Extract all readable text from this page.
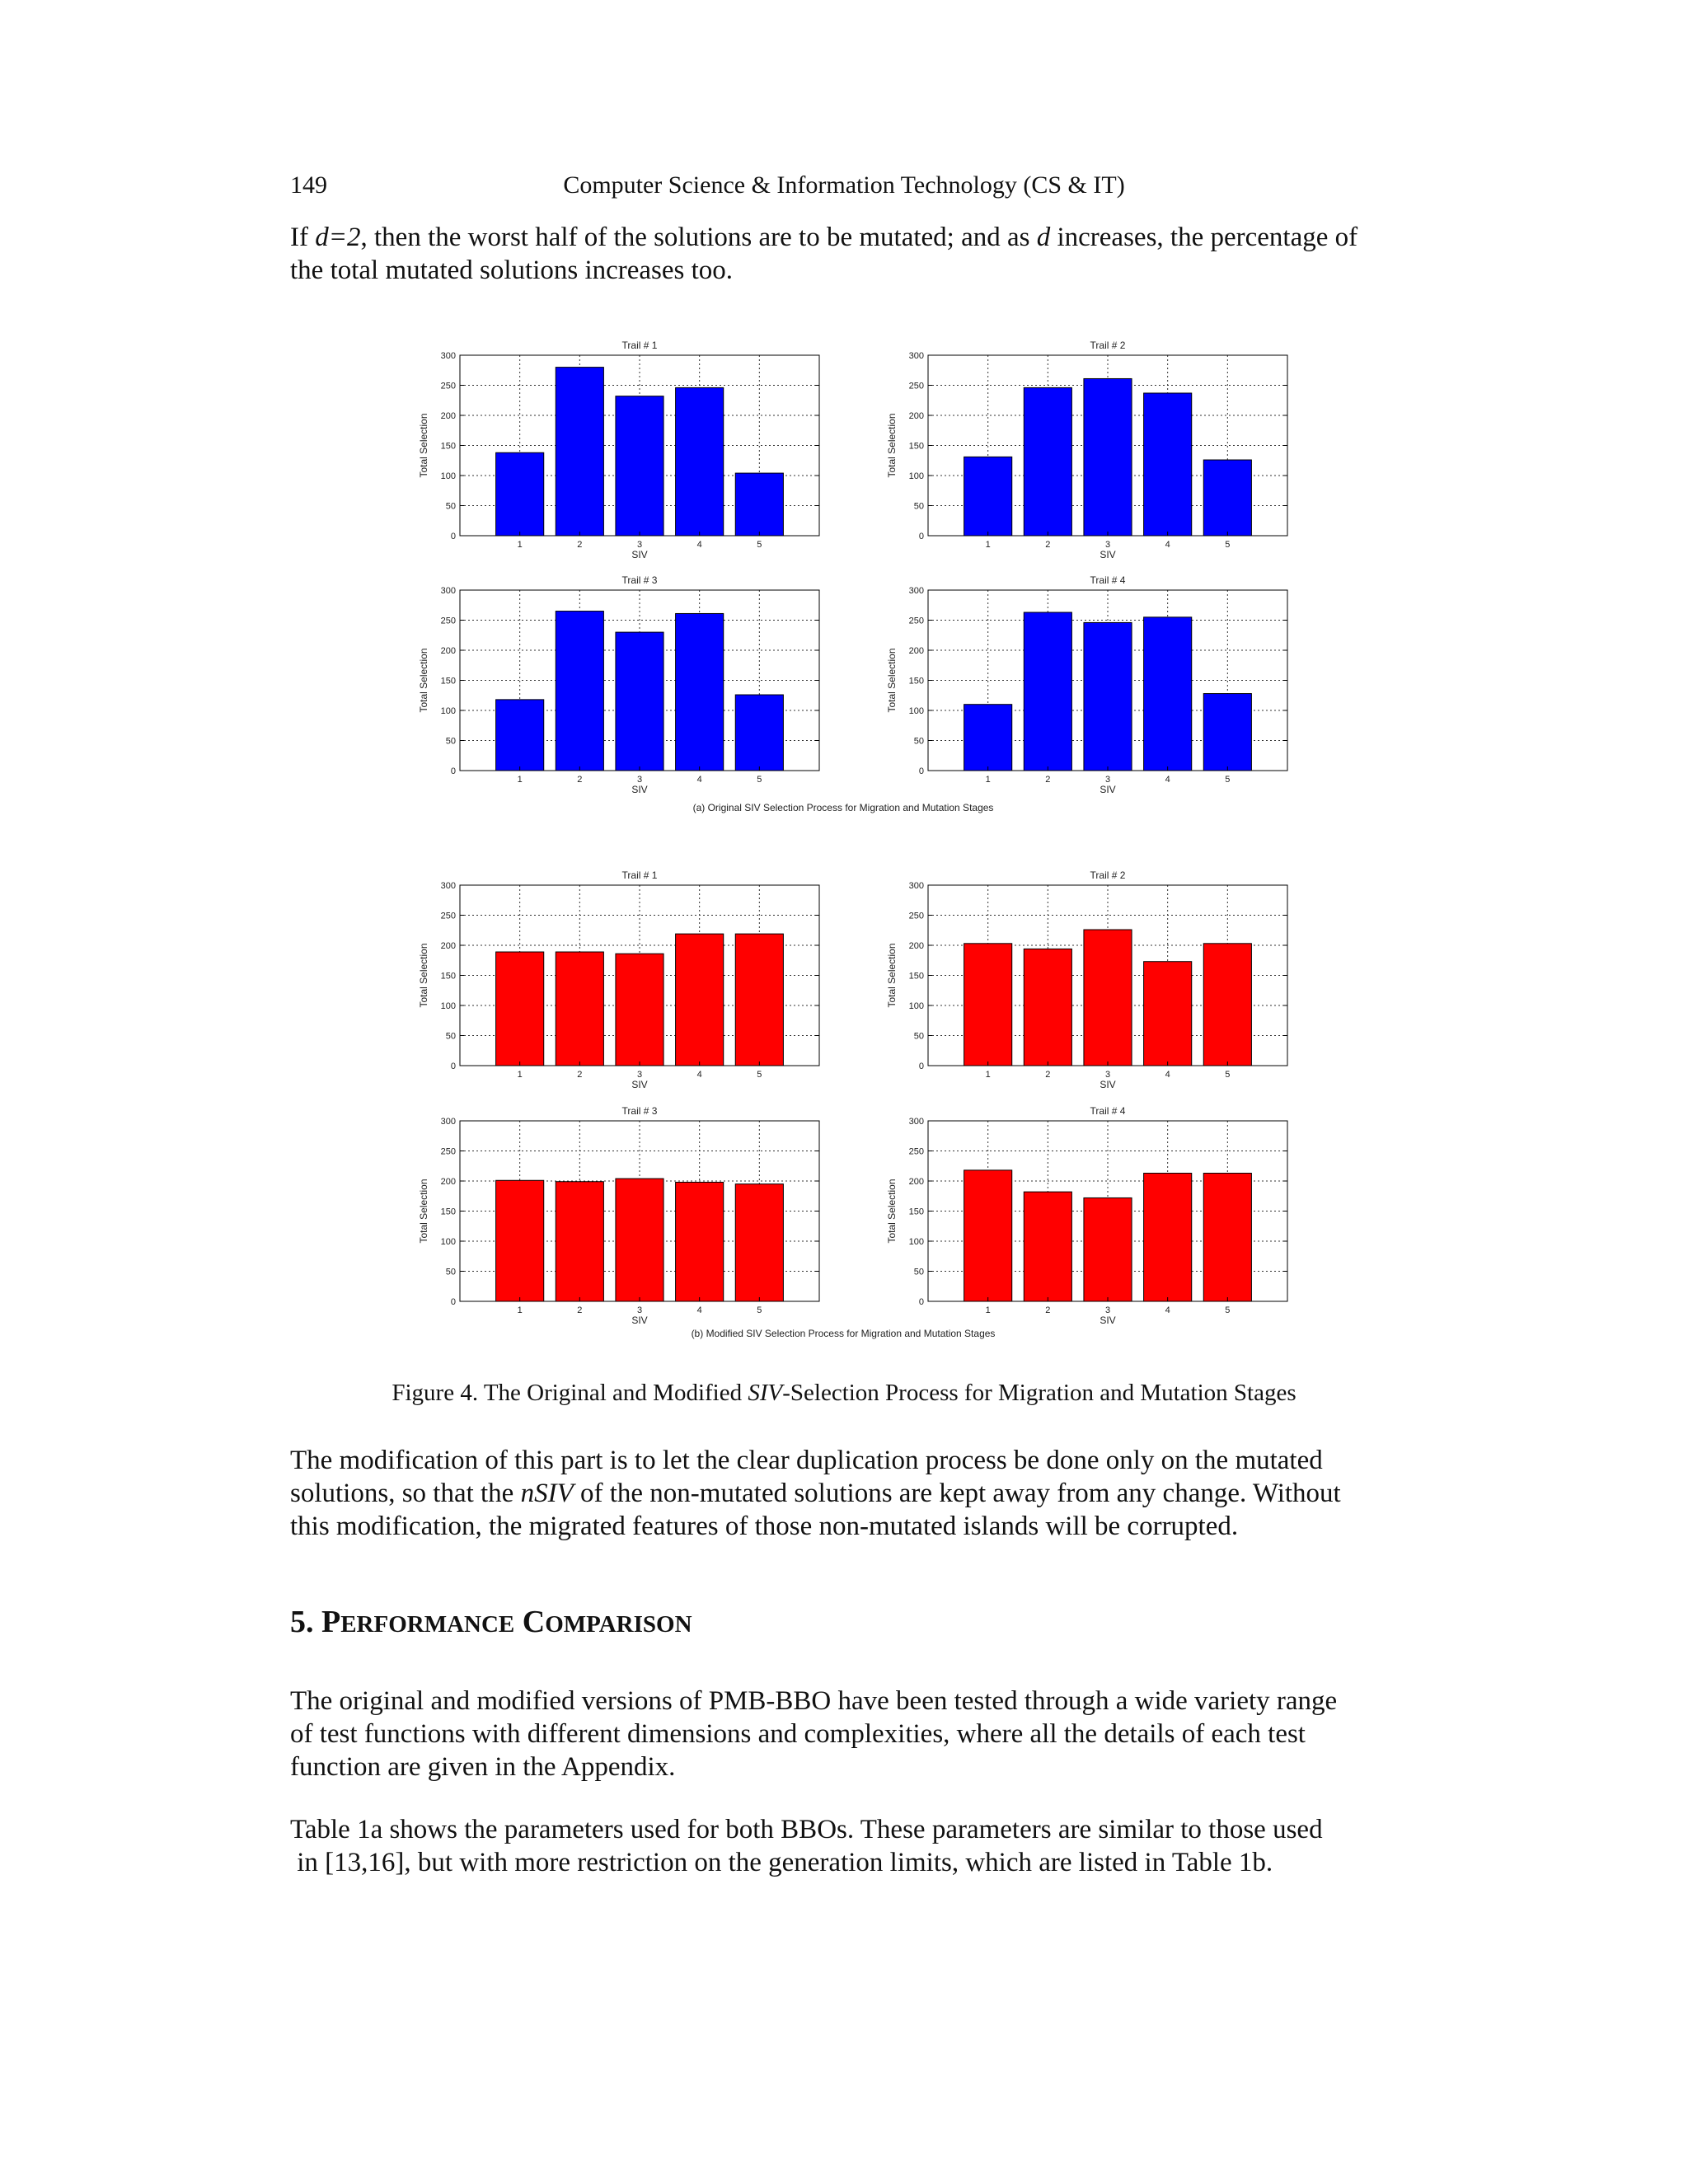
149	Computer Science & Information Technology (CS & IT)
If d=2, then the worst half of the solutions are to be mutated; and as d increases, the percentage of
the total mutated solutions increases too.
0
50
100
150
200
250
300
1	2	3	4	5
Trail # 1
SIV
Total Selection
0
50
100
150
200
250
300
1	2	3	4	5
Trail # 2
SIV
Total Selection
0
50
100
150
200
250
300
1	2	3	4	5
Trail # 3
SIV
Total Selection
0
50
100
150
200
250
300
1	2	3	4	5
Trail # 4
SIV
Total Selection
0
50
100
150
200
250
300
1	2	3	4	5
Trail # 1
SIV
Total Selection
0
50
100
150
200
250
300
1	2	3	4	5
Trail # 2
SIV
Total Selection
0
50
100
150
200
250
300
1	2	3	4	5
Trail # 3
SIV
Total Selection
0
50
100
150
200
250
300
1	2	3	4	5
Trail # 4
SIV
Total Selection
(a) Original SIV Selection Process for Migration and Mutation Stages
(b) Modified SIV Selection Process for Migration and Mutation Stages
Figure 4. The Original and Modified SIV-Selection Process for Migration and Mutation Stages
The modification of this part is to let the clear duplication process be done only on the mutated
solutions, so that the nSIV of the non-mutated solutions are kept away from any change. Without
this modification, the migrated features of those non-mutated islands will be corrupted.
5. PERFORMANCE COMPARISON
The original and modified versions of PMB-BBO have been tested through a wide variety range
of test functions with different dimensions and complexities, where all the details of each test
function are given in the Appendix.
Table 1a shows the parameters used for both BBOs. These parameters are similar to those used
in [13,16], but with more restriction on the generation limits, which are listed in Table 1b.
